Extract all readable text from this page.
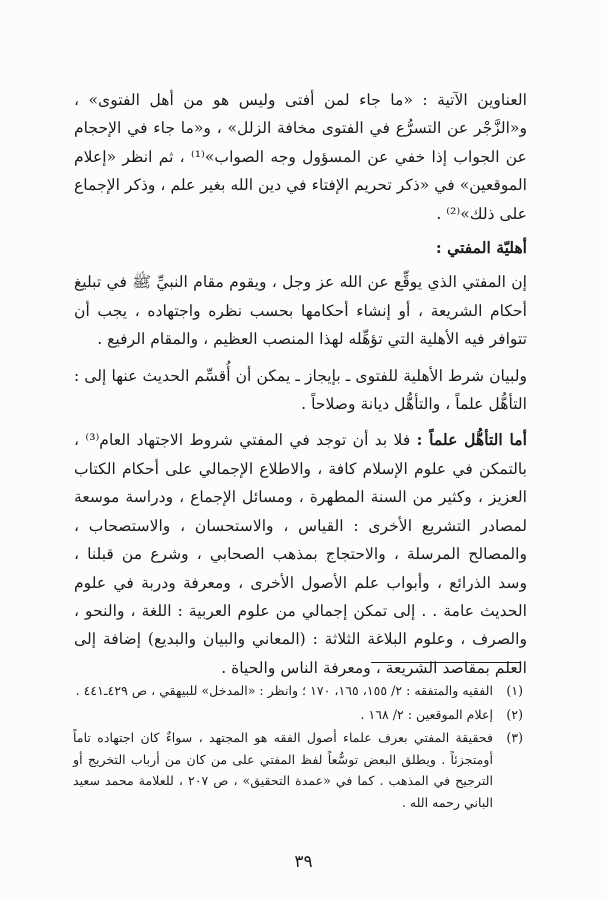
العناوين الآتية : «ما جاء لمن أفتى وليس هو من أهل الفتوى» ، و«الزَّجْر عن التسرُّع في الفتوى مخافة الزلل» ، و«ما جاء في الإحجام عن الجواب إذا خفي عن المسؤول وجه الصواب»⁽¹⁾ ، ثم انظر «إعلام الموقعين» في «ذكر تحريم الإفتاء في دين الله بغير علم ، وذكر الإجماع على ذلك»⁽²⁾ .

أهليّة المفتي :

إن المفتي الذي يوقِّع عن الله عز وجل ، ويقوم مقام النبيِّ ﷺ في تبليغ أحكام الشريعة ، أو إنشاء أحكامها بحسب نظره واجتهاده ، يجب أن تتوافر فيه الأهلية التي تؤهِّله لهذا المنصب العظيم ، والمقام الرفيع .

ولبيان شرط الأهلية للفتوى ـ بإيجاز ـ يمكن أن أُقسِّم الحديث عنها إلى : التأهُّل علماً ، والتأهُّل ديانة وصلاحاً .

أما التأهُّل علماً : فلا بد أن توجد في المفتي شروط الاجتهاد العام⁽³⁾ ، بالتمكن في علوم الإسلام كافة ، والاطلاع الإجمالي على أحكام الكتاب العزيز ، وكثير من السنة المطهرة ، ومسائل الإجماع ، ودراسة موسعة لمصادر التشريع الأخرى : القياس ، والاستحسان ، والاستصحاب ، والمصالح المرسلة ، والاحتجاج بمذهب الصحابي ، وشرع من قبلنا ، وسد الذرائع ، وأبواب علم الأصول الأخرى ، ومعرفة ودربة في علوم الحديث عامة . . إلى تمكن إجمالي من علوم العربية : اللغة ، والنحو ، والصرف ، وعلوم البلاغة الثلاثة : (المعاني والبيان والبديع) إضافة إلى العلم بمقاصد الشريعة ، ومعرفة الناس والحياة .

(١)
الفقيه والمتفقه : ٢/ ١٥٥، ١٦٥، ١٧٠ ؛ وانظر : «المدخل» للبيهقي ، ص ٤٢٩ـ٤٤١ .
(٢)
إعلام الموقعين : ٢/ ١٦٨ .
(٣)
فحقيقة المفتي بعرف علماء أصول الفقه هو المجتهد ، سواءٌ كان اجتهاده تاماً أومتجزئاً . ويطلق البعض توسُّعاً لفظ المفتي على من كان من أرباب التخريج أو الترجيح في المذهب . كما في «عمدة التحقيق» ، ص ٢٠٧ ، للعلامة محمد سعيد الباني رحمه الله .
٣٩
